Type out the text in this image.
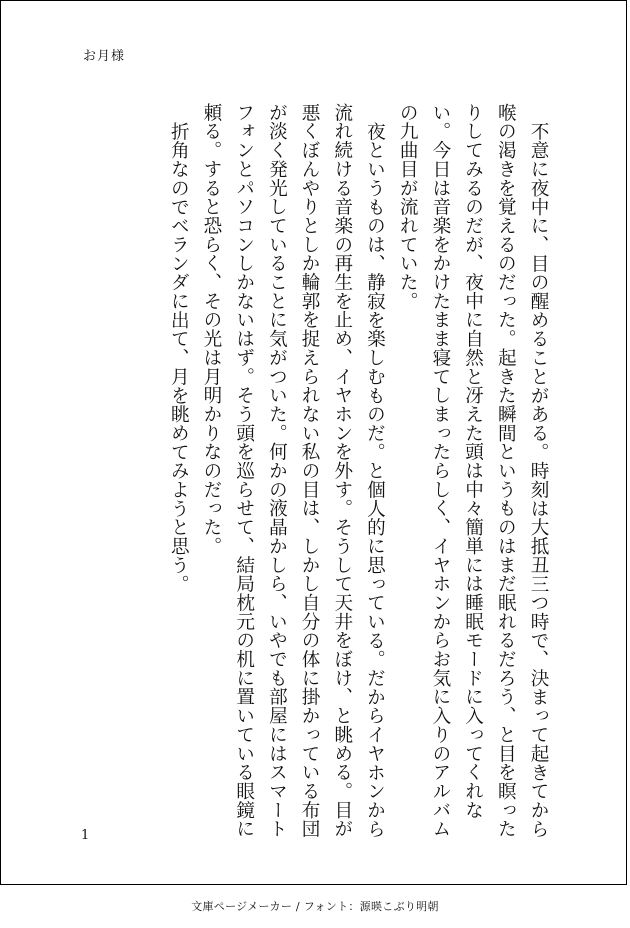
お月様

不意に夜中に、目の醒めることがある。時刻は大抵丑三つ時で、決まって起きてから喉の渇きを覚えるのだった。起きた瞬間というものはまだ眠れるだろう、と目を瞑ったりしてみるのだが、夜中に自然と冴えた頭は中々簡単には睡眠モードに入ってくれない。今日は音楽をかけたまま寝てしまったらしく、イヤホンからお気に入りのアルバムの九曲目が流れていた。

夜というものは、静寂を楽しむものだ。と個人的に思っている。だからイヤホンから流れ続ける音楽の再生を止め、イヤホンを外す。そうして天井をぼけ、と眺める。目が悪くぼんやりとしか輪郭を捉えられない私の目は、しかし自分の体に掛かっている布団が淡く発光していることに気がついた。何かの液晶かしら、いやでも部屋にはスマートフォンとパソコンしかないはず。そう頭を巡らせて、結局枕元の机に置いている眼鏡に頼る。すると恐らく、その光は月明かりなのだった。

折角なのでベランダに出て、月を眺めてみようと思う。

1
文庫ページメーカー / フォント：源暎こぶり明朝
